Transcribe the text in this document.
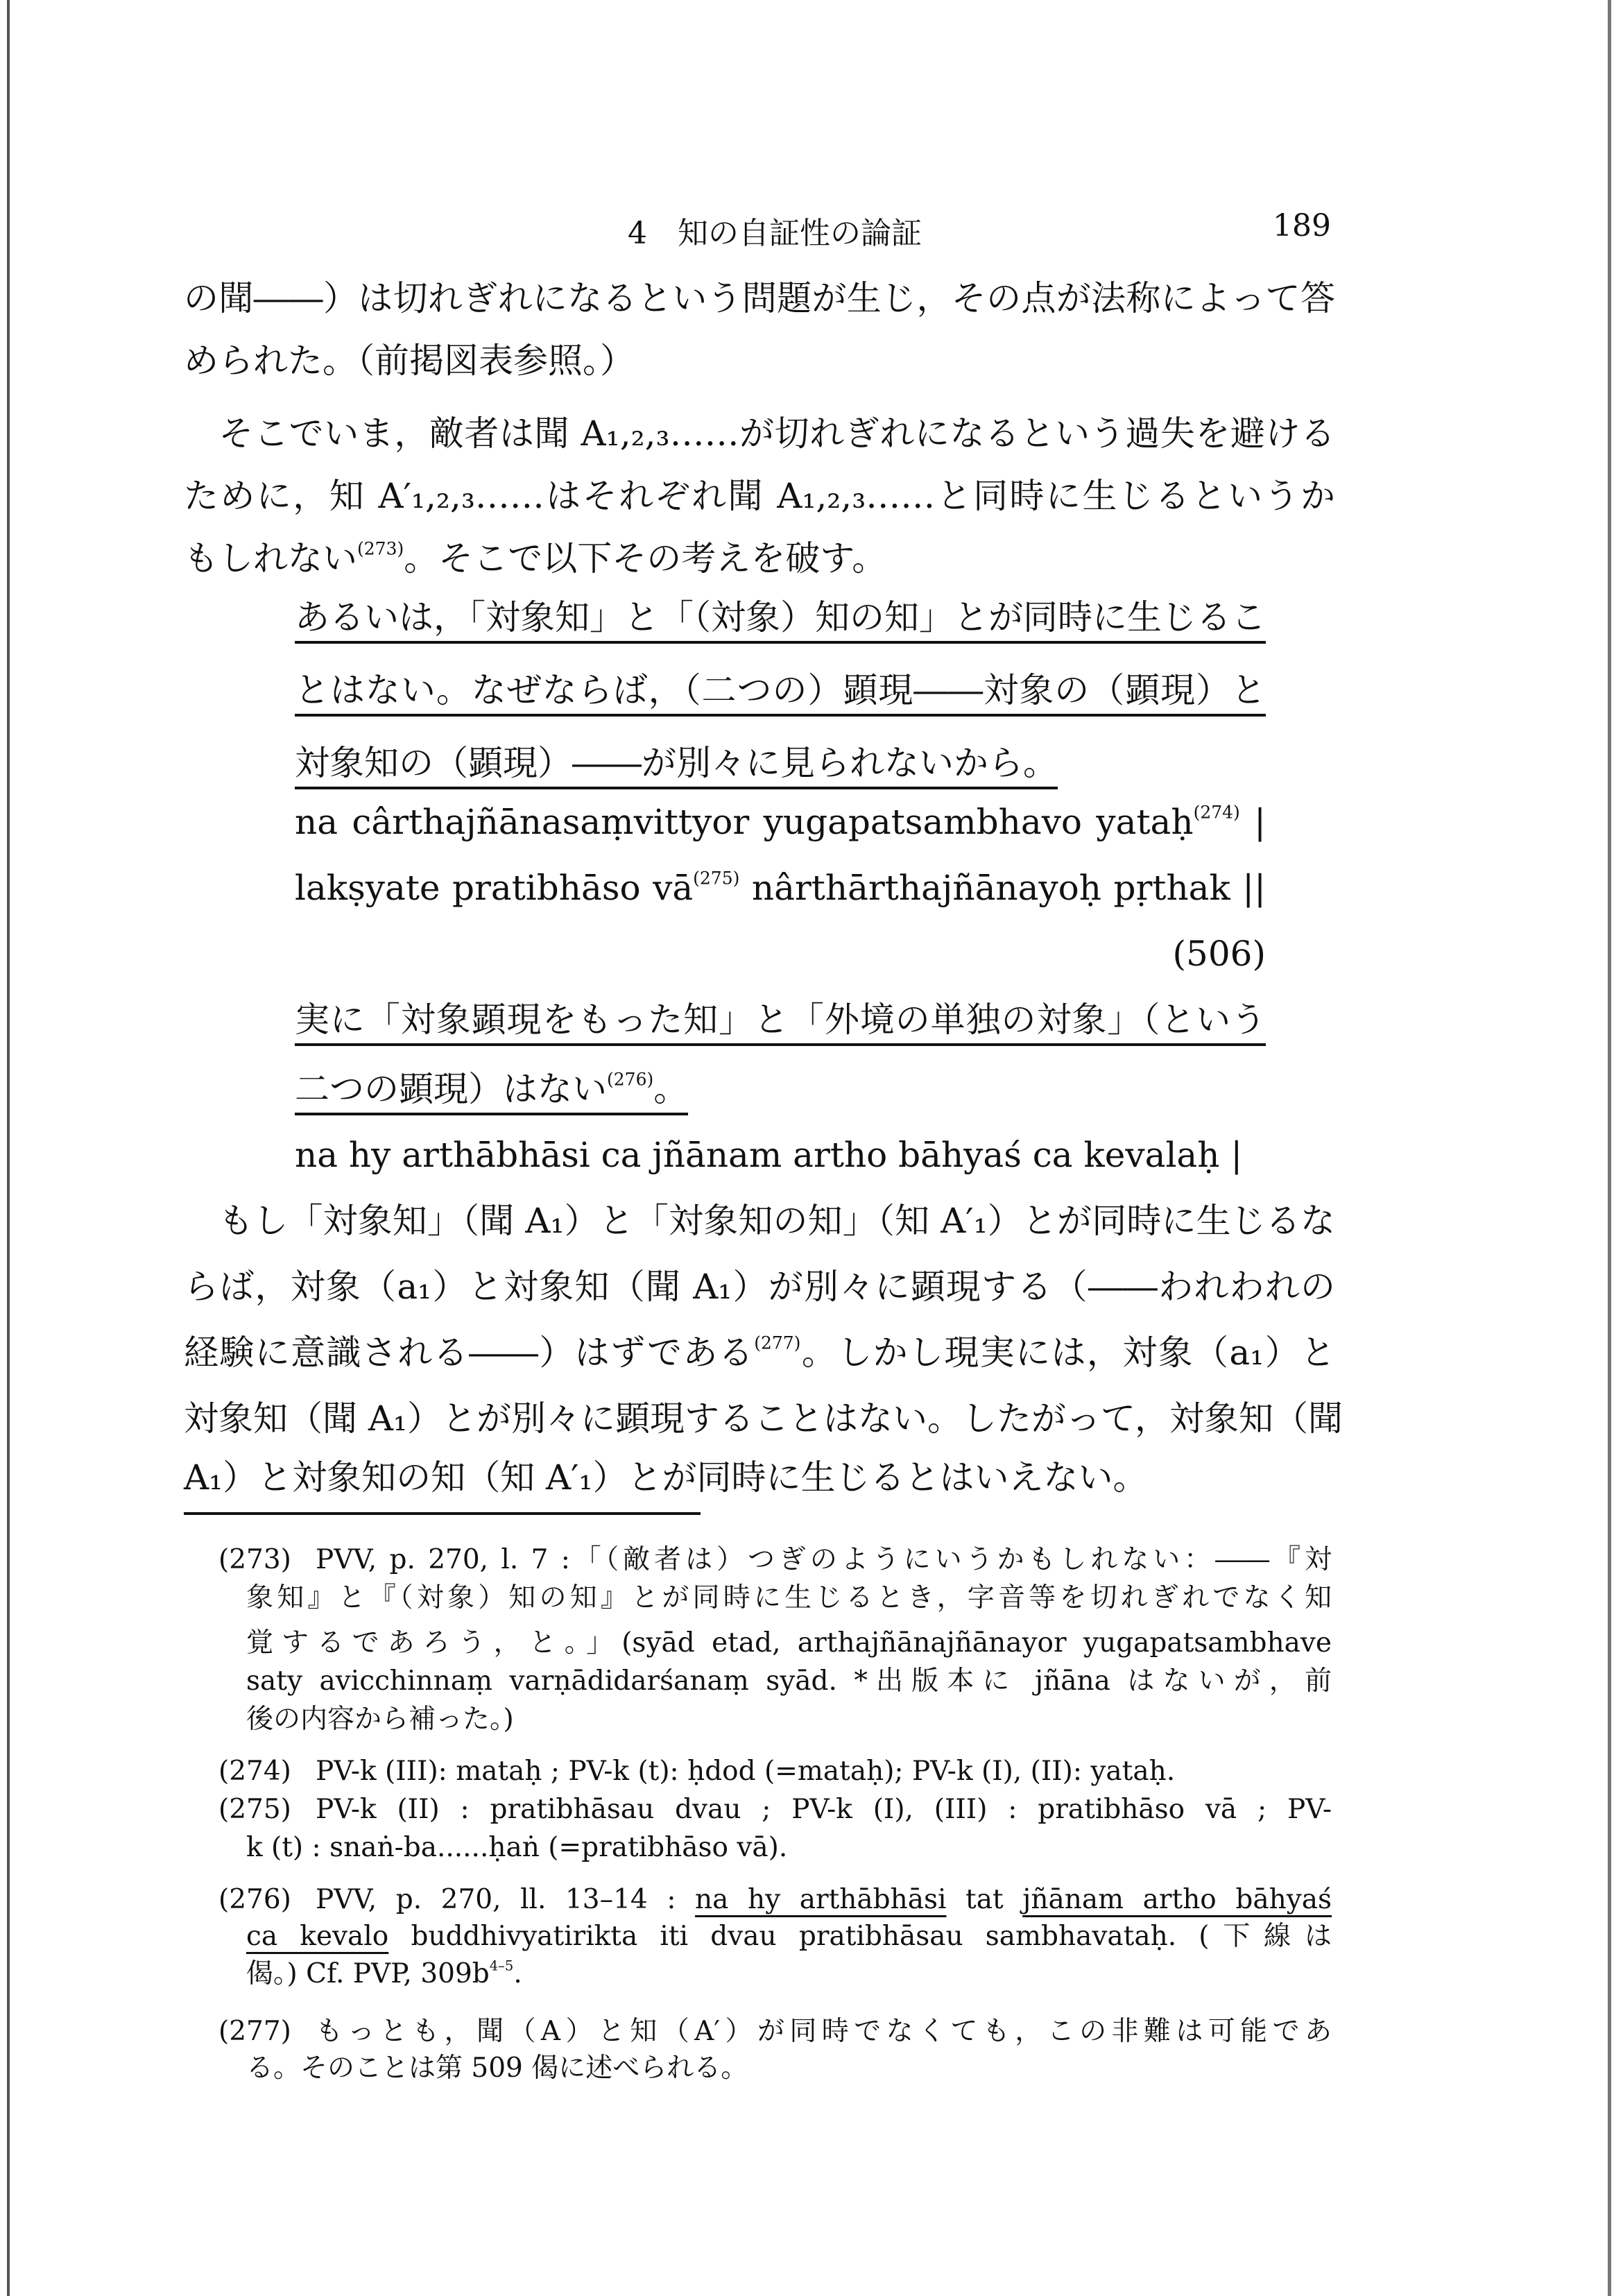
4　知の自証性の論証	189
の聞――）は切れぎれになるという問題が生じ，その点が法称によって答
められた。（前掲図表参照。）
　そこでいま，敵者は聞 A₁,₂,₃……が切れぎれになるという過失を避ける
ために，知 A′₁,₂,₃……はそれぞれ聞 A₁,₂,₃……と同時に生じるというか
もしれない$^{(273)}$。そこで以下その考えを破す。
あるいは，「対象知」と「（対象）知の知」とが同時に生じるこ
とはない。なぜならば，（二つの）顕現――対象の（顕現）と
対象知の（顕現）――が別々に見られないから。
na cârthajñānasaṃvittyor yugapatsambhavo yataḥ$^{(274)}$ |
lakṣyate pratibhāso $vā^{(275)}$ nârthārthajñānayoḥ pṛthak ||
(506)
実に「対象顕現をもった知」と「外境の単独の対象」（という
二つの顕現）はない$^{(276)}$。
na hy arthābhāsi ca jñānam artho bāhyaś ca kevalaḥ |
　もし「対象知」（聞 A₁）と「対象知の知」（知 A′₁）とが同時に生じるな
らば，対象（a₁）と対象知（聞 A₁）が別々に顕現する（――われわれの
経験に意識される――）はずである$^{(277)}$。しかし現実には，対象（a₁）と
対象知（聞 A₁）とが別々に顕現することはない。したがって，対象知（聞
A₁）と対象知の知（知 A′₁）とが同時に生じるとはいえない。
(273) PVV, p. 270, l. 7 :「（敵者は）つぎのようにいうかもしれない：――『対
象知』と『（対象）知の知』とが同時に生じるとき，字音等を切れぎれでなく知
覚するであろう，と。」(syād etad, arthajñānajñānayor yugapatsambhave
saty avicchinnaṃ varṇādidarśanaṃ syād. *出版本に jñāna はないが，前
後の内容から補った。)
(274) PV-k (III): mataḥ ; PV-k (t): ḥdod (=mataḥ); PV-k (I), (II): yataḥ.
(275) PV-k (II) : pratibhāsau dvau ; PV-k (I), (III) : pratibhāso vā ; PV-
k (t) : snaṅ-ba......ḥaṅ (=pratibhāso vā).
(276) PVV, p. 270, ll. 13–14 : na hy arthābhāsi tat jñānam artho bāhyaś
ca kevalo buddhivyatirikta iti dvau pratibhāsau sambhavataḥ. (下線は
偈。) Cf. PVP, $309b^{4-5}$.
(277) もっとも，聞（A）と知（A′）が同時でなくても，この非難は可能であ
る。そのことは第 509 偈に述べられる。
